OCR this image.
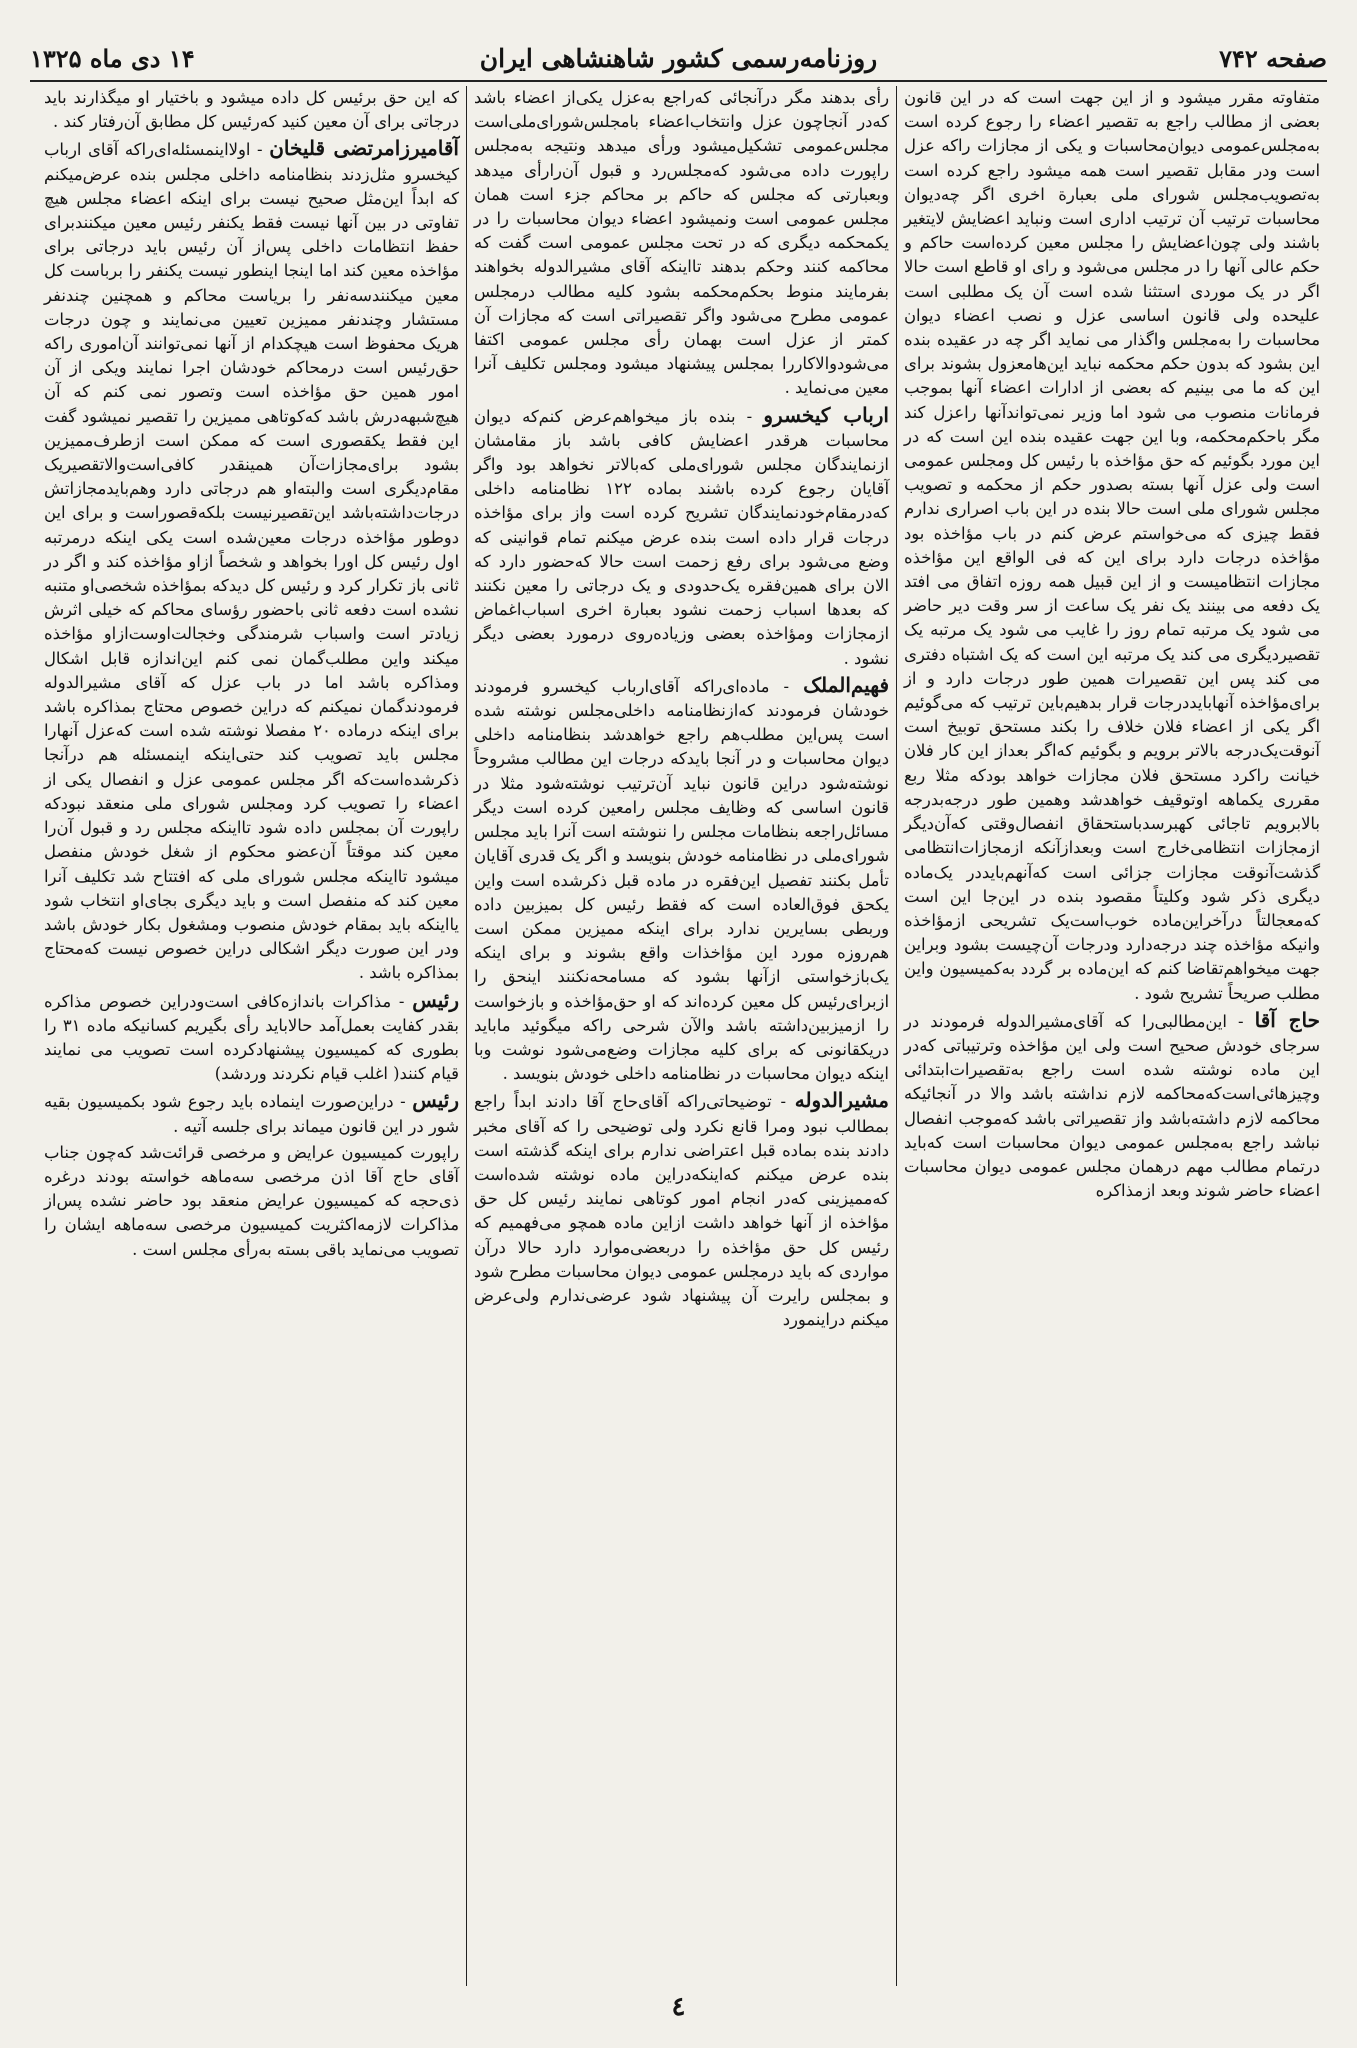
صفحه ۷۴۲
روزنامه‌رسمی کشور شاهنشاهی ایران
۱۴ دی ماه ۱۳۲۵

متفاوته مقرر میشود و از این جهت است که در این قانون بعضی از مطالب راجع به تقصیر اعضاء را رجوع کرده است به‌مجلس‌عمومی دیوان‌محاسبات و یکی از مجازات راکه عزل است ودر مقابل تقصیر است همه میشود راجع کرده است به‌تصویب‌مجلس شورای ملی بعبارة اخری اگر چه‌دیوان محاسبات ترتیب آن ترتیب اداری است ونباید اعضایش لایتغیر باشند ولی چون‌اعضایش را مجلس معین کرده‌است حاکم و حکم عالی آنها را در مجلس می‌شود و رای او قاطع است حالا اگر در یک موردی استثنا شده است آن یک مطلبی است علیحده ولی قانون اساسی عزل و نصب اعضاء دیوان محاسبات را به‌مجلس واگذار می نماید اگر چه در عقیده بنده این بشود که بدون حکم محکمه نباید این‌هامعزول بشوند برای این که ما می بینیم که بعضی از ادارات اعضاء آنها بموجب فرمانات منصوب می شود اما وزیر نمی‌تواندآنها راعزل کند مگر باحکم‌محکمه، وبا این جهت عقیده بنده این است که در این مورد بگوئیم که حق مؤاخذه با رئیس کل ومجلس عمومی است ولی عزل آنها بسته بصدور حکم از محکمه و تصویب مجلس شورای ملی است حالا بنده در این باب اصراری ندارم فقط چیزی که می‌خواستم عرض کنم در باب مؤاخذه بود مؤاخذه درجات دارد برای این که فی الواقع این مؤاخذه مجازات انتظامیست و از این قبیل همه روزه اتفاق می افتد یک دفعه می بینند یک نفر یک ساعت از سر وقت دیر حاضر می شود یک مرتبه تمام روز را غایب می شود یک مرتبه یک تقصیردیگری می کند یک مرتبه این است که یک اشتباه دفتری می کند پس این تقصیرات همین طور درجات دارد و از برای‌مؤاخذه آنهابایددرجات قرار بدهیم‌باین ترتیب که می‌گوئیم اگر یکی از اعضاء فلان خلاف را بکند مستحق توبیخ است آنوقت‌یک‌درجه بالاتر برویم و بگوئیم که‌اگر بعداز این کار فلان خیانت راکرد مستحق فلان مجازات خواهد بودکه مثلا ربع مقرری یکماهه اوتوقیف خواهدشد وهمین طور درجه‌بدرجه بالابرویم تاجائی کهبرسدباستحقاق انفصال‌وقتی که‌آن‌دیگر ازمجازات انتظامی‌خارج است وبعدازآنکه ازمجازات‌انتظامی گذشت‌آنوقت مجازات جزائی است که‌آنهم‌بایددر یک‌ماده دیگری ذکر شود وکلیتاً مقصود بنده در این‌جا این است که‌معجالتاً درآخراین‌ماده خوب‌است‌یک تشریحی ازمؤاخذه وانیکه مؤاخذه چند درجه‌دارد ودرجات آن‌چیست بشود وبراین جهت میخواهم‌تقاضا کنم که این‌ماده بر گردد به‌کمیسیون واین مطلب صریحاً تشریح شود .

حاج آقا - این‌مطالبی‌را که آقای‌مشیرالدوله فرمودند در سرجای خودش صحیح است ولی این مؤاخذه وترتیباتی که‌در این ماده نوشته شده است راجع به‌تقصیرات‌ابتدائی وچیزهائی‌است‌که‌محاکمه لازم نداشته باشد والا در آنجائیکه محاکمه لازم داشته‌باشد واز تقصیراتی باشد که‌موجب انفصال نباشد راجع به‌مجلس عمومی دیوان محاسبات است که‌باید درتمام مطالب مهم درهمان مجلس عمومی دیوان محاسبات اعضاء حاضر شوند وبعد ازمذاکره

رأی بدهند مگر درآنجائی که‌راجع به‌عزل یکی‌از اعضاء باشد که‌در آنجاچون عزل وانتخاب‌اعضاء بامجلس‌شورای‌ملی‌است مجلس‌عمومی تشکیل‌میشود ورأی میدهد ونتیجه به‌مجلس راپورت داده می‌شود که‌مجلس‌رد و قبول آن‌رارأی میدهد وبعبارتی که مجلس که حاکم بر محاکم جزء است همان مجلس عمومی است ونمیشود اعضاء دیوان محاسبات را در یکمحکمه دیگری که در تحت مجلس عمومی است گفت که محاکمه کنند وحکم بدهند تااینکه آقای مشیرالدوله بخواهند بفرمایند منوط بحکم‌محکمه بشود کلیه مطالب درمجلس عمومی مطرح می‌شود واگر تقصیراتی است که مجازات آن کمتر از عزل است بهمان رأی مجلس عمومی اکتفا می‌شودوالاکاررا بمجلس پیشنهاد میشود ومجلس تکلیف آنرا معین می‌نماید .

ارباب کیخسرو - بنده باز میخواهم‌عرض کنم‌که دیوان محاسبات هرقدر اعضایش کافی باشد باز مقامشان ازنمایندگان مجلس شورای‌ملی که‌بالاتر نخواهد بود واگر آقایان رجوع کرده باشند بماده ۱۲۲ نظامنامه داخلی که‌درمقام‌خودنمایندگان تشریح کرده است واز برای مؤاخذه درجات قرار داده است بنده عرض میکنم تمام قوانینی که وضع می‌شود برای رفع زحمت است حالا که‌حضور دارد که الان برای همین‌فقره یک‌حدودی و یک درجاتی را معین نکنند که بعدها اسباب زحمت نشود بعبارة اخری اسباب‌اغماض ازمجازات ومؤاخذه بعضی وزیاده‌روی درمورد بعضی دیگر نشود .

فهیم‌الملک - ماده‌ای‌راکه آقای‌ارباب کیخسرو فرمودند خودشان فرمودند که‌ازنظامنامه داخلی‌مجلس نوشته شده است پس‌این مطلب‌هم راجع خواهدشد بنظامنامه داخلی دیوان محاسبات و در آنجا بایدکه درجات این مطالب مشروحاً نوشته‌شود دراین قانون نباید آن‌ترتیب نوشته‌شود مثلا در قانون اساسی که وظایف مجلس رامعین کرده است دیگر مسائل‌راجعه بنظامات مجلس را ننوشته است آنرا باید مجلس شورای‌ملی در نظامنامه خودش بنویسد و اگر یک قدری آقایان تأمل بکنند تفصیل این‌فقره در ماده قبل ذکرشده است واین یکحق فوق‌العاده است که فقط رئیس کل بمیزبین داده وربطی بسایرین ندارد برای اینکه ممیزین ممکن است هم‌روزه مورد این مؤاخذات واقع بشوند و برای اینکه یک‌بازخواستی ازآنها بشود که مسامحه‌نکنند اینحق را ازبرای‌رئیس کل معین کرده‌اند که او حق‌مؤاخذه و بازخواست را ازمیزبین‌داشته باشد والآن شرحی راکه میگوئید ماباید دریکقانونی که برای کلیه مجازات وضع‌می‌شود نوشت وبا اینکه دیوان محاسبات در نظامنامه داخلی خودش بنویسد .

مشیرالدوله - توضیحاتی‌راکه آقای‌حاج آقا دادند ابداً راجع بمطالب نبود ومرا قانع نکرد ولی توضیحی را که آقای مخبر دادند بنده بماده قبل اعتراضی ندارم برای اینکه گذشته است بنده عرض میکنم که‌اینکه‌دراین ماده نوشته شده‌است که‌ممیزینی که‌در انجام امور کوتاهی نمایند رئیس کل حق مؤاخذه از آنها خواهد داشت ازاین ماده همچو می‌فهمیم که رئیس کل حق مؤاخذه را دربعضی‌موارد دارد حالا درآن مواردی که باید درمجلس عمومی دیوان محاسبات مطرح شود و بمجلس رایرت آن پیشنهاد شود عرضی‌ندارم ولی‌عرض میکنم دراینمورد

که این حق برئیس کل داده میشود و باختیار او میگذارند باید درجاتی برای آن معین کنید که‌رئیس کل مطابق آن‌رفتار کند .

آقامیرزامرتضی قلیخان‌ - اولا‌اینمسئله‌ای‌راکه آقای ارباب کیخسرو مثل‌زدند بنظامنامه داخلی مجلس بنده عرض‌میکنم که ابداً این‌مثل صحیح نیست برای اینکه اعضاء مجلس هیچ تفاوتی در بین آنها نیست فقط یکنفر رئیس معین میکنندبرای حفظ انتظامات داخلی پس‌از آن رئیس باید درجاتی برای مؤاخذه معین کند اما اینجا اینطور نیست یکنفر را برباست کل معین میکنندسه‌نفر را بریاست محاکم و همچنین چندنفر مستشار وچندنفر ممیزین تعیین می‌نمایند و چون درجات هریک محفوظ است هیچکدام از آنها نمی‌توانند آن‌اموری راکه حق‌رئیس است درمحاکم خودشان اجرا نمایند ویکی از آن امور همین حق مؤاخذه است وتصور نمی کنم که آن هیچ‌شبهه‌درش باشد که‌کوتاهی ممیزین را تقصیر نمیشود گفت این فقط یکقصوری است که ممکن است ازطرف‌ممیزین بشود برای‌مجازات‌آن همینقدر کافی‌است‌والاتقصیر‌یک مقام‌دیگری است والبته‌او هم درجاتی دارد وهم‌بایدمجازاتش درجات‌داشته‌باشد این‌تقصیرنیست بلکه‌قصوراست و برای این دوطور مؤاخذه درجات معین‌شده است یکی اینکه درمرتبه اول رئیس کل اورا بخواهد و شخصاً ازاو مؤاخذه کند و اگر در ثانی باز تکرار کرد و رئیس کل دیدکه بمؤاخذه شخصی‌او متنبه نشده است دفعه ثانی باحضور رؤسای محاکم که خیلی اثرش زیادتر است واسباب شرمندگی وخجالت‌اوست‌ازاو مؤاخذه میکند واین مطلب‌گمان نمی کنم این‌اندازه قابل اشکال ومذاکره باشد اما در باب عزل که آقای مشیرالدوله فرمودندگمان نمیکنم که دراین خصوص محتاج بمذاکره باشد برای اینکه درماده ۲۰ مفصلا نوشته شده است که‌عزل آنها‌را مجلس باید تصویب کند حتی‌اینکه اینمسئله هم درآنجا ذکرشده‌است‌که اگر مجلس عمومی عزل و انفصال یکی از اعضاء را تصویب کرد ومجلس شورای ملی منعقد نبودکه راپورت آن بمجلس داده شود تااینکه مجلس رد و قبول آن‌را معین کند موقتاً آن‌عضو محکوم از شغل خودش منفصل میشود تااینکه مجلس شورای ملی که افتتاح شد تکلیف آنرا معین کند که منفصل است و باید دیگری بجای‌او انتخاب شود یااینکه باید بمقام خودش منصوب ومشغول بکار خودش باشد ودر این صورت دیگر اشکالی دراین خصوص نیست که‌محتاج بمذاکره باشد .

رئیس - مذاکرات باندازه‌کافی است‌ودراین خصوص مذاکره بقدر کفایت بعمل‌آمد حالا‌باید رأی بگیریم کسانیکه ماده ۳۱ را بطوری که کمیسیون پیشنهادکرده است تصویب می نمایند قیام کنند( اغلب قیام نکردند وردشد)

رئیس - دراین‌صورت اینماده باید رجوع شود بکمیسیون بقیه شور در این قانون میماند برای جلسه آتیه .

راپورت کمیسیون عرایض و مرخصی قرائت‌شد که‌چون جناب آقای حاج آقا اذن مرخصی سه‌ماهه خواسته بودند درغره ذی‌حجه که کمیسیون عرایض منعقد بود حاضر نشده پس‌از مذاکرات لازمه‌اکثریت کمیسیون مرخصی سه‌ماهه ایشان را تصویب می‌نماید باقی بسته به‌رأی مجلس است .

٤
